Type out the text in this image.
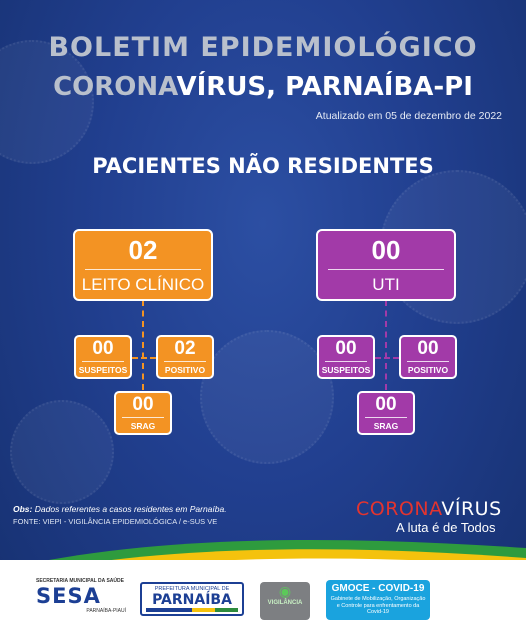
BOLETIM EPIDEMIOLÓGICO
CORONAVÍRUS, PARNAÍBA-PI
Atualizado em 05 de dezembro de 2022
PACIENTES NÃO RESIDENTES
02
LEITO CLÍNICO
00
SUSPEITOS
02
POSITIVO
00
SRAG
00
UTI
00
SUSPEITOS
00
POSITIVO
00
SRAG
Obs: Dados referentes a casos residentes em Parnaíba.
FONTE: VIEPI - VIGILÂNCIA EPIDEMIOLÓGICA / e-SUS VE
CORONAVÍRUS
A luta é de Todos
SECRETARIA MUNICIPAL DA SAÚDE
SESA
PARNAÍBA-PIAUÍ
PREFEITURA MUNICIPAL DE
PARNAÍBA
◉
VIGILÂNCIA
GMOCE - COVID-19
Gabinete de Mobilização, Organização e Controle para enfrentamento da Covid-19
